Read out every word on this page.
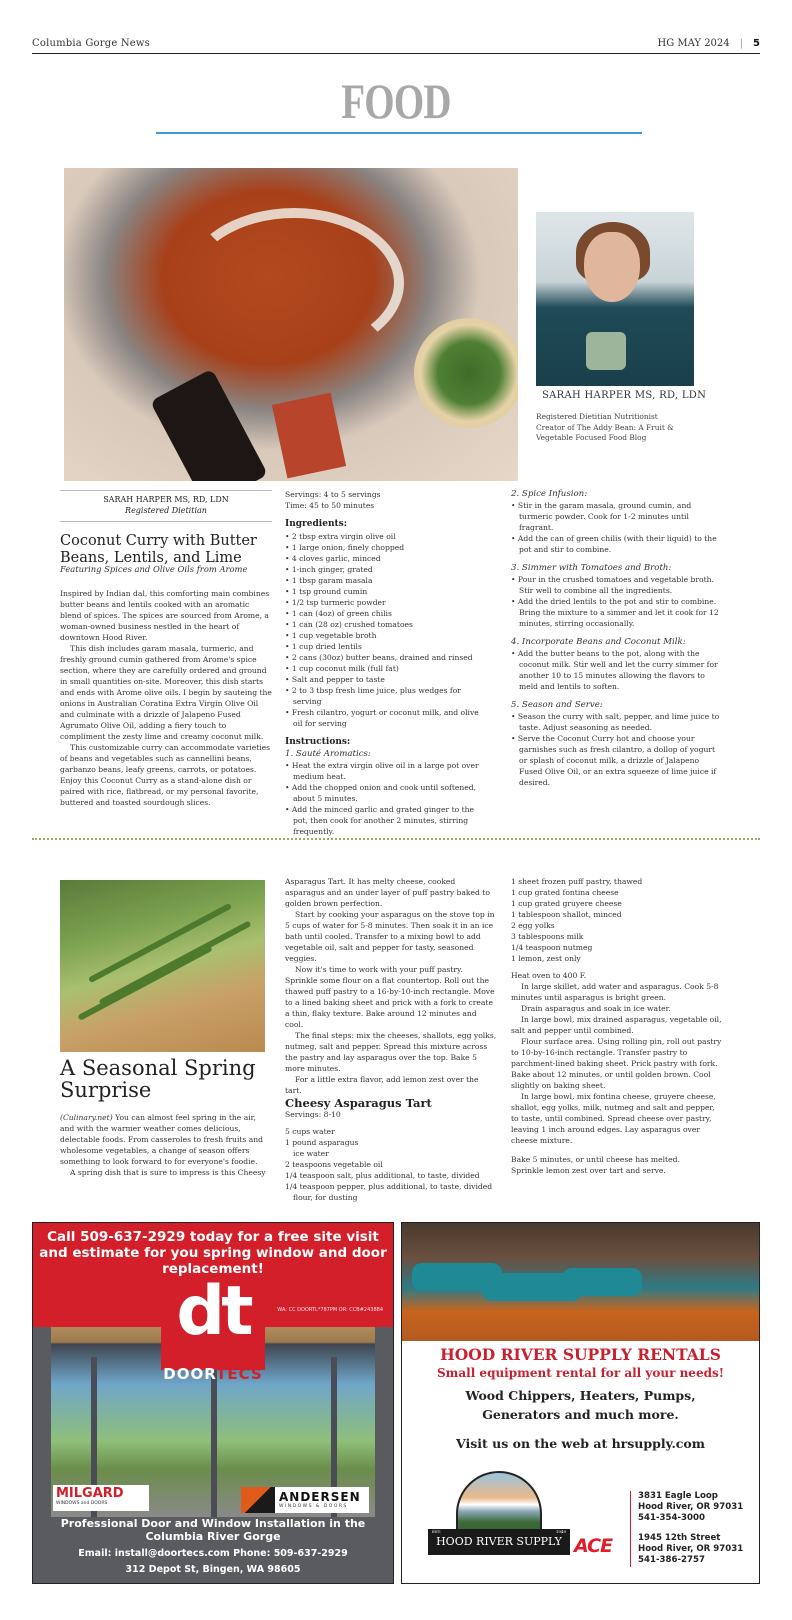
Columbia Gorge News	HG MAY 2024 | 5
FOOD
SARAH HARPER MS, RD, LDN
Registered Dietitian Nutritionist
Creator of The Addy Bean: A Fruit &
Vegetable Focused Food Blog
SARAH HARPER MS, RD, LDN
Registered Dietitian
Coconut Curry with Butter Beans, Lentils, and Lime
Featuring Spices and Olive Oils from Arome

Inspired by Indian dal, this comforting main combines butter beans and lentils cooked with an aromatic blend of spices. The spices are sourced from Arome, a woman-owned business nestled in the heart of downtown Hood River.

This dish includes garam masala, turmeric, and freshly ground cumin gathered from Arome's spice section, where they are carefully ordered and ground in small quantities on-site. Moreover, this dish starts and ends with Arome olive oils. I begin by sauteing the onions in Australian Coratina Extra Virgin Olive Oil and culminate with a drizzle of Jalapeno Fused Agrumato Olive Oil, adding a fiery touch to compliment the zesty lime and creamy coconut milk.

This customizable curry can accommodate varieties of beans and vegetables such as cannellini beans, garbanzo beans, leafy greens, carrots, or potatoes. Enjoy this Coconut Curry as a stand-alone dish or paired with rice, flatbread, or my personal favorite, buttered and toasted sourdough slices.

Servings: 4 to 5 servings
Time: 45 to 50 minutes
Ingredients:
• 2 tbsp extra virgin olive oil
• 1 large onion, finely chopped
• 4 cloves garlic, minced
• 1-inch ginger, grated
• 1 tbsp garam masala
• 1 tsp ground cumin
• 1/2 tsp turmeric powder
• 1 can (4oz) of green chilis
• 1 can (28 oz) crushed tomatoes
• 1 cup vegetable broth
• 1 cup dried lentils
• 2 cans (30oz) butter beans, drained and rinsed
• 1 cup coconut milk (full fat)
• Salt and pepper to taste
• 2 to 3 tbsp fresh lime juice, plus wedges for serving
• Fresh cilantro, yogurt or coconut milk, and olive oil for serving
Instructions:
1. Sauté Aromatics:
• Heat the extra virgin olive oil in a large pot over medium heat.
• Add the chopped onion and cook until softened, about 5 minutes.
• Add the minced garlic and grated ginger to the pot, then cook for another 2 minutes, stirring frequently.
2. Spice Infusion:
• Stir in the garam masala, ground cumin, and turmeric powder. Cook for 1-2 minutes until fragrant.
• Add the can of green chilis (with their liquid) to the pot and stir to combine.
3. Simmer with Tomatoes and Broth:
• Pour in the crushed tomatoes and vegetable broth. Stir well to combine all the ingredients.
• Add the dried lentils to the pot and stir to combine. Bring the mixture to a simmer and let it cook for 12 minutes, stirring occasionally.
4. Incorporate Beans and Coconut Milk:
• Add the butter beans to the pot, along with the coconut milk. Stir well and let the curry simmer for another 10 to 15 minutes allowing the flavors to meld and lentils to soften.
5. Season and Serve:
• Season the curry with salt, pepper, and lime juice to taste. Adjust seasoning as needed.
• Serve the Coconut Curry hot and choose your garnishes such as fresh cilantro, a dollop of yogurt or splash of coconut milk, a drizzle of Jalapeno Fused Olive Oil, or an extra squeeze of lime juice if desired.
A Seasonal Spring Surprise

(Culinary.net) You can almost feel spring in the air, and with the warmer weather comes delicious, delectable foods. From casseroles to fresh fruits and wholesome vegetables, a change of season offers something to look forward to for everyone's foodie.

A spring dish that is sure to impress is this Cheesy

Asparagus Tart. It has melty cheese, cooked asparagus and an under layer of puff pastry baked to golden brown perfection.

Start by cooking your asparagus on the stove top in 5 cups of water for 5-8 minutes. Then soak it in an ice bath until cooled. Transfer to a mixing bowl to add vegetable oil, salt and pepper for tasty, seasoned veggies.

Now it's time to work with your puff pastry. Sprinkle some flour on a flat countertop. Roll out the thawed puff pastry to a 16-by-10-inch rectangle. Move to a lined baking sheet and prick with a fork to create a thin, flaky texture. Bake around 12 minutes and cool.

The final steps: mix the cheeses, shallots, egg yolks, nutmeg, salt and pepper. Spread this mixture across the pastry and lay asparagus over the top. Bake 5 more minutes.

For a little extra flavor, add lemon zest over the tart.

Cheesy Asparagus Tart
Servings: 8-10
5 cups water
1 pound asparagus
ice water
2 teaspoons vegetable oil
1/4 teaspoon salt, plus additional, to taste, divided
1/4 teaspoon pepper, plus additional, to taste, divided flour, for dusting
1 sheet frozen puff pastry, thawed
1 cup grated fontina cheese
1 cup grated gruyere cheese
1 tablespoon shallot, minced
2 egg yolks
3 tablespoons milk
1/4 teaspoon nutmeg
1 lemon, zest only

Heat oven to 400 F.

In large skillet, add water and asparagus. Cook 5-8 minutes until asparagus is bright green.

Drain asparagus and soak in ice water.

In large bowl, mix drained asparagus, vegetable oil, salt and pepper until combined.

Flour surface area. Using rolling pin, roll out pastry to 10-by-16-inch rectangle. Transfer pastry to parchment-lined baking sheet. Prick pastry with fork. Bake about 12 minutes, or until golden brown. Cool slightly on baking sheet.

In large bowl, mix fontina cheese, gruyere cheese, shallot, egg yolks, milk, nutmeg and salt and pepper, to taste, until combined. Spread cheese over pastry, leaving 1 inch around edges. Lay asparagus over cheese mixture.

Bake 5 minutes, or until cheese has melted.
Sprinkle lemon zest over tart and serve.
Call 509-637-2929 today for a free site visit and estimate for you spring window and door replacement!
WA: CC DOORTL*787PM OR: CCB#243884
dt
DOORTECS
MILGARD
WINDOWS and DOORS	ANDERSEN
WINDOWS & DOORS
Professional Door and Window Installation in the Columbia River Gorge
Email: install@doortecs.com Phone: 509-637-2929
312 Depot St, Bingen, WA 98605
HOOD RIVER SUPPLY RENTALS
Small equipment rental for all your needs!
Wood Chippers, Heaters, Pumps,
Generators and much more.
Visit us on the web at hrsupply.com
HOOD RIVER SUPPLY
EST.	1949
ACE
3831 Eagle Loop
Hood River, OR 97031
541-354-3000
1945 12th Street
Hood River, OR 97031
541-386-2757
